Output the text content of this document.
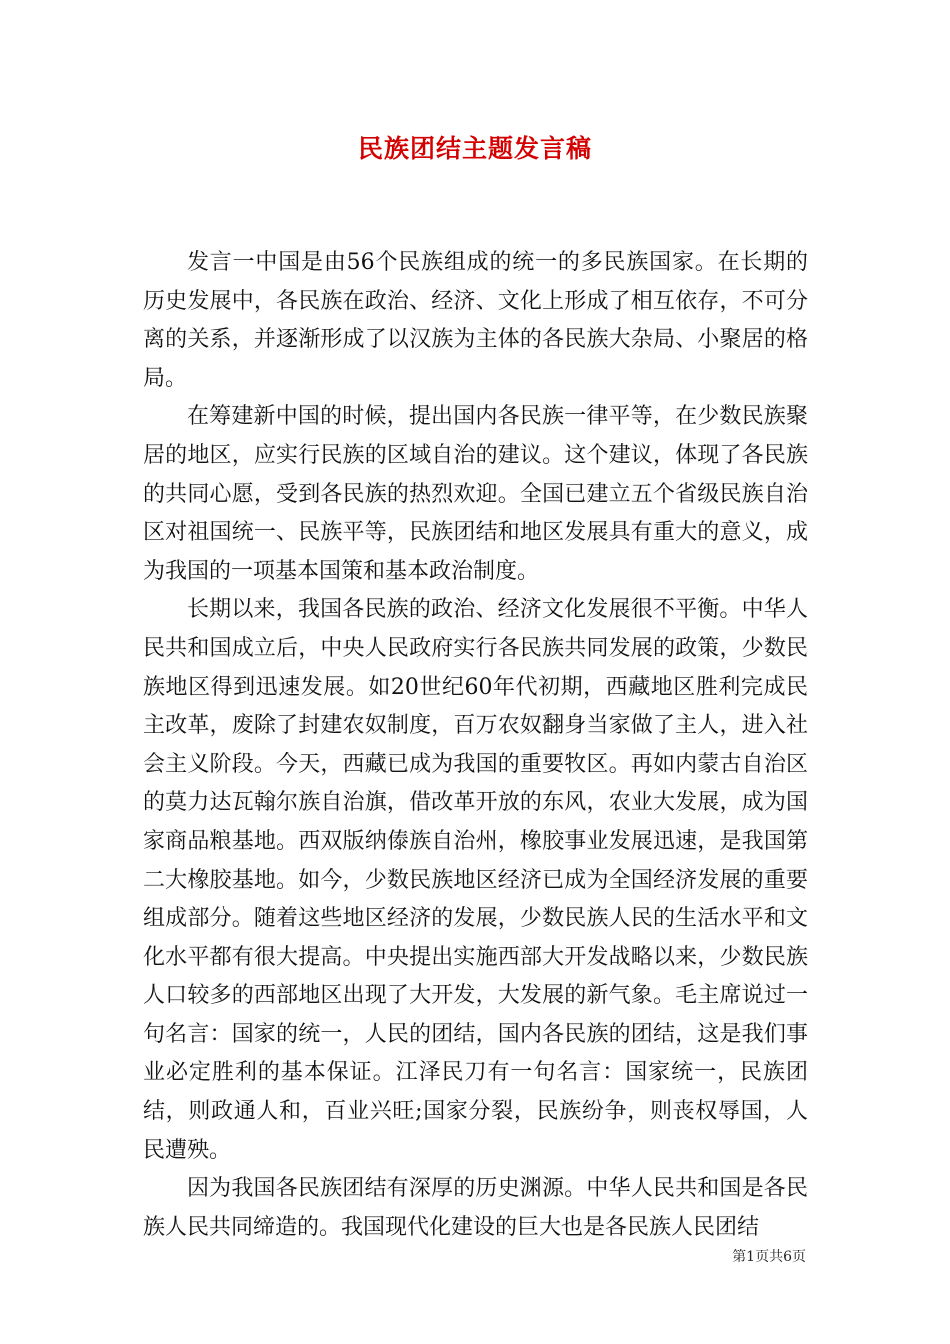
民族团结主题发言稿

发言一中国是由56个民族组成的统一的多民族国家。在长期的历史发展中，各民族在政治、经济、文化上形成了相互依存，不可分离的关系，并逐渐形成了以汉族为主体的各民族大杂局、小聚居的格局。

在筹建新中国的时候，提出国内各民族一律平等，在少数民族聚居的地区，应实行民族的区域自治的建议。这个建议，体现了各民族的共同心愿，受到各民族的热烈欢迎。全国已建立五个省级民族自治区对祖国统一、民族平等，民族团结和地区发展具有重大的意义，成为我国的一项基本国策和基本政治制度。

长期以来，我国各民族的政治、经济文化发展很不平衡。中华人民共和国成立后，中央人民政府实行各民族共同发展的政策，少数民族地区得到迅速发展。如20世纪60年代初期，西藏地区胜利完成民主改革，废除了封建农奴制度，百万农奴翻身当家做了主人，进入社会主义阶段。今天，西藏已成为我国的重要牧区。再如内蒙古自治区的莫力达瓦翰尔族自治旗，借改革开放的东风，农业大发展，成为国家商品粮基地。西双版纳傣族自治州，橡胶事业发展迅速，是我国第二大橡胶基地。如今，少数民族地区经济已成为全国经济发展的重要组成部分。随着这些地区经济的发展，少数民族人民的生活水平和文化水平都有很大提高。中央提出实施西部大开发战略以来，少数民族人口较多的西部地区出现了大开发，大发展的新气象。毛主席说过一句名言：国家的统一，人民的团结，国内各民族的团结，这是我们事业必定胜利的基本保证。江泽民刀有一句名言：国家统一，民族团结，则政通人和，百业兴旺;国家分裂，民族纷争，则丧权辱国，人民遭殃。

因为我国各民族团结有深厚的历史渊源。中华人民共和国是各民族人民共同缔造的。我国现代化建设的巨大也是各民族人民团结

第1页共6页
